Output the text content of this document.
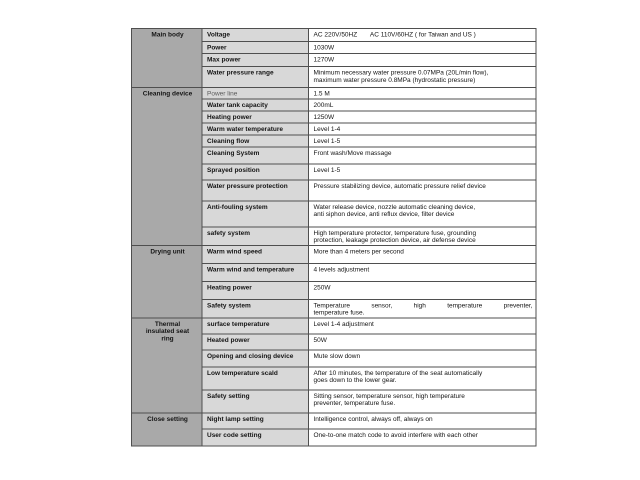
Main body	Voltage	AC 220V/50HZ       AC 110V/60HZ ( for Taiwan and US )
	Power	1030W
	Max power	1270W
	Water pressure range	Minimum necessary water pressure 0.07MPa (20L/min flow),
maximum water pressure 0.8MPa (hydrostatic pressure)

Cleaning device	Power line	1.5 M
	Water tank capacity	200mL
	Heating power	1250W
	Warm water temperature	Level 1-4
	Cleaning flow	Level 1-5
	Cleaning System	Front wash/Move massage
	Sprayed position	Level 1-5
	Water pressure protection	Pressure stabilizing device, automatic pressure relief device
	Anti-fouling system	Water release device, nozzle automatic cleaning device,
anti siphon device, anti reflux device, filter device

	safety system	High temperature protector, temperature fuse, grounding
protection, leakage protection device, air defense device

Drying unit	Warm wind speed	More than 4 meters per second
	Warm wind and temperature	4 levels adjustment
	Heating power	250W
	Safety system	Temperature sensor, high temperature preventer,
temperature fuse.

Thermal
insulated seat
ring	surface temperature	Level 1-4 adjustment
	Heated power	50W
	Opening and closing device	Mute slow down
	Low temperature scald	After 10 minutes, the temperature of the seat automatically
goes down to the lower gear.

	Safety setting	Sitting sensor, temperature sensor, high temperature
preventer, temperature fuse.

Close setting	Night lamp setting	Intelligence control, always off, always on
	User code setting	One-to-one match code to avoid interfere with each other
